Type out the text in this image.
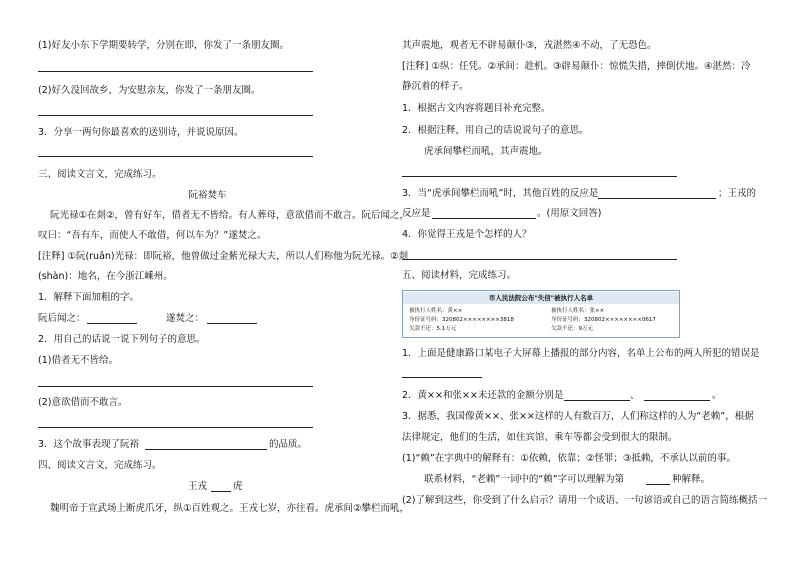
(1)好友小东下学期要转学，分别在即，你发了一条朋友圈。
(2)好久没回故乡，为安慰亲友，你发了一条朋友圈。
3．分享一两句你最喜欢的送别诗，并说说原因。
三、阅读文言文，完成练习。
阮裕焚车
阮光禄①在剡②，曾有好车，借者无不皆给。有人葬母，意欲借而不敢言。阮后闻之，
叹曰：“吾有车，而使人不敢借，何以车为？”遂焚之。
[注释] ①阮(ruǎn)光禄：即阮裕，他曾做过金紫光禄大夫，所以人们称他为阮光禄。②剡
(shàn)：地名，在今浙江嵊州。
1．解释下面加粗的字。
阮后闻之：	遂焚之：
2．用自己的话说一说下列句子的意思。
(1)借者无不皆给。
(2)意欲借而不敢言。
3．这个故事表现了阮裕	的品质。
四、阅读文言文，完成练习。
王戎	虎
魏明帝于宣武场上断虎爪牙，纵①百姓观之。王戎七岁，亦往看。虎承间②攀栏而吼，
其声震地，观者无不辟易颠仆③，戎湛然④不动，了无恐色。
[注释] ①纵：任凭。②承间：趁机。③辟易颠仆：惊慌失措，摔倒伏地。④湛然：冷
静沉着的样子。
1．根据古文内容将题目补充完整。
2．根据注释，用自己的话说说句子的意思。
虎承间攀栏而吼，其声震地。
3．当“虎承间攀栏而吼”时，其他百姓的反应是	；王戎的
反应是	。(用原文回答)
4．你觉得王戎是个怎样的人？
五、阅读材料，完成练习。
市人民法院公布"失信"被执行人名单
被执行人姓名：黄××
身份证号码：320802××××××××3818
欠款不还：5.1万元
被执行人姓名：张××
身份证号码：320802××××××××0617
欠款不还：9万元
1．上面是健康路口某电子大屏幕上播报的部分内容，名单上公布的两人所犯的错误是
2．黄××和张××未还款的金额分别是	、	。
3．据悉，我国像黄××、张××这样的人有数百万，人们称这样的人为“老赖”，根据
法律规定，他们的生活，如住宾馆、乘车等都会受到很大的限制。
(1)“赖”在字典中的解释有：①依赖，依靠；②怪罪；③抵赖，不承认以前的事。
联系材料，“老赖”一词中的“赖”字可以理解为第	种解释。
(2)了解到这些，你受到了什么启示？请用一个成语、一句谚语或自己的语言简练概括一
